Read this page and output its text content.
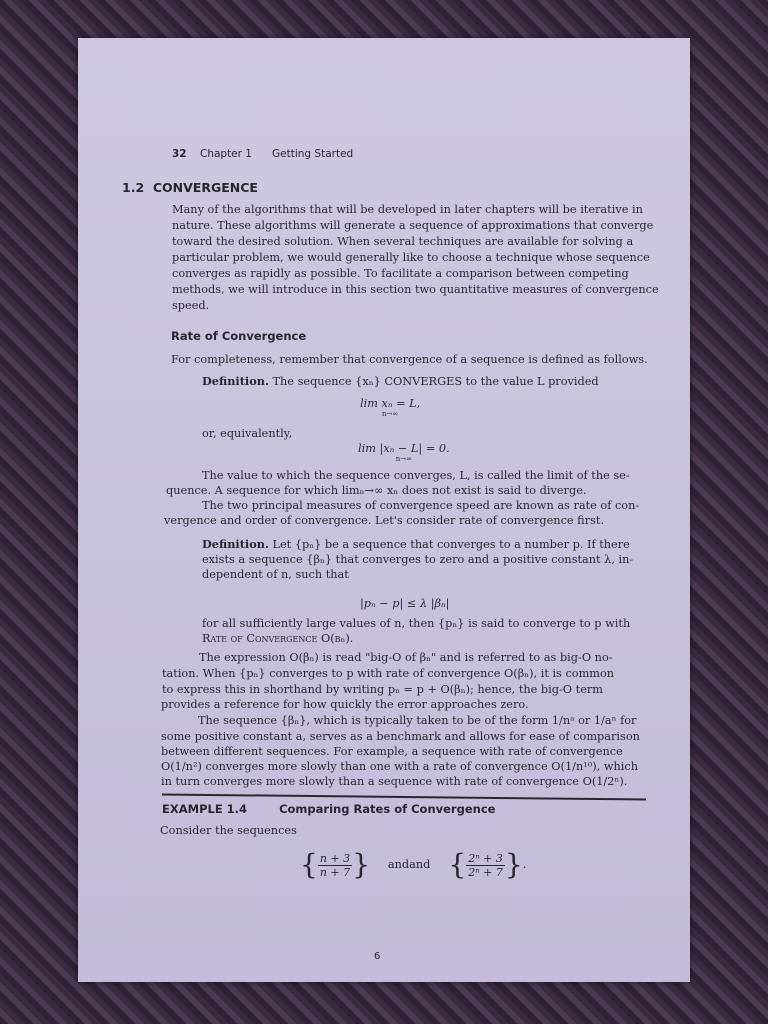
32 Chapter 1 Getting Started
1.2 CONVERGENCE
Many of the algorithms that will be developed in later chapters will be iterative in
nature. These algorithms will generate a sequence of approximations that converge
toward the desired solution. When several techniques are available for solving a
particular problem, we would generally like to choose a technique whose sequence
converges as rapidly as possible. To facilitate a comparison between competing
methods, we will introduce in this section two quantitative measures of convergence
speed.
Rate of Convergence
For completeness, remember that convergence of a sequence is defined as follows.
Definition. The sequence {xₙ} CONVERGES to the value L provided
lim xₙ = L,
n→∞
or, equivalently,
lim |xₙ − L| = 0.
n→∞
The value to which the sequence converges, L, is called the limit of the se-
quence. A sequence for which limₙ→∞ xₙ does not exist is said to diverge.
The two principal measures of convergence speed are known as rate of con-
vergence and order of convergence. Let's consider rate of convergence first.
Definition. Let {pₙ} be a sequence that converges to a number p. If there
exists a sequence {βₙ} that converges to zero and a positive constant λ, in-
dependent of n, such that
|pₙ − p| ≤ λ |βₙ|
for all sufficiently large values of n, then {pₙ} is said to converge to p with
Rate of Convergence O(βₙ).
The expression O(βₙ) is read "big-O of βₙ" and is referred to as big-O no-
tation. When {pₙ} converges to p with rate of convergence O(βₙ), it is common
to express this in shorthand by writing pₙ = p + O(βₙ); hence, the big-O term
provides a reference for how quickly the error approaches zero.
The sequence {βₙ}, which is typically taken to be of the form 1/nᵃ or 1/aⁿ for
some positive constant a, serves as a benchmark and allows for ease of comparison
between different sequences. For example, a sequence with rate of convergence
O(1/n²) converges more slowly than one with a rate of convergence O(1/n¹⁰), which
in turn converges more slowly than a sequence with rate of convergence O(1/2ⁿ).
EXAMPLE 1.4	Comparing Rates of Convergence
Consider the sequences
{ $\frac{n + 3}{n + 7}$ } andand { $\frac{\text{2ⁿ + 3}}{\text{2ⁿ + 7}}$ }.
6
